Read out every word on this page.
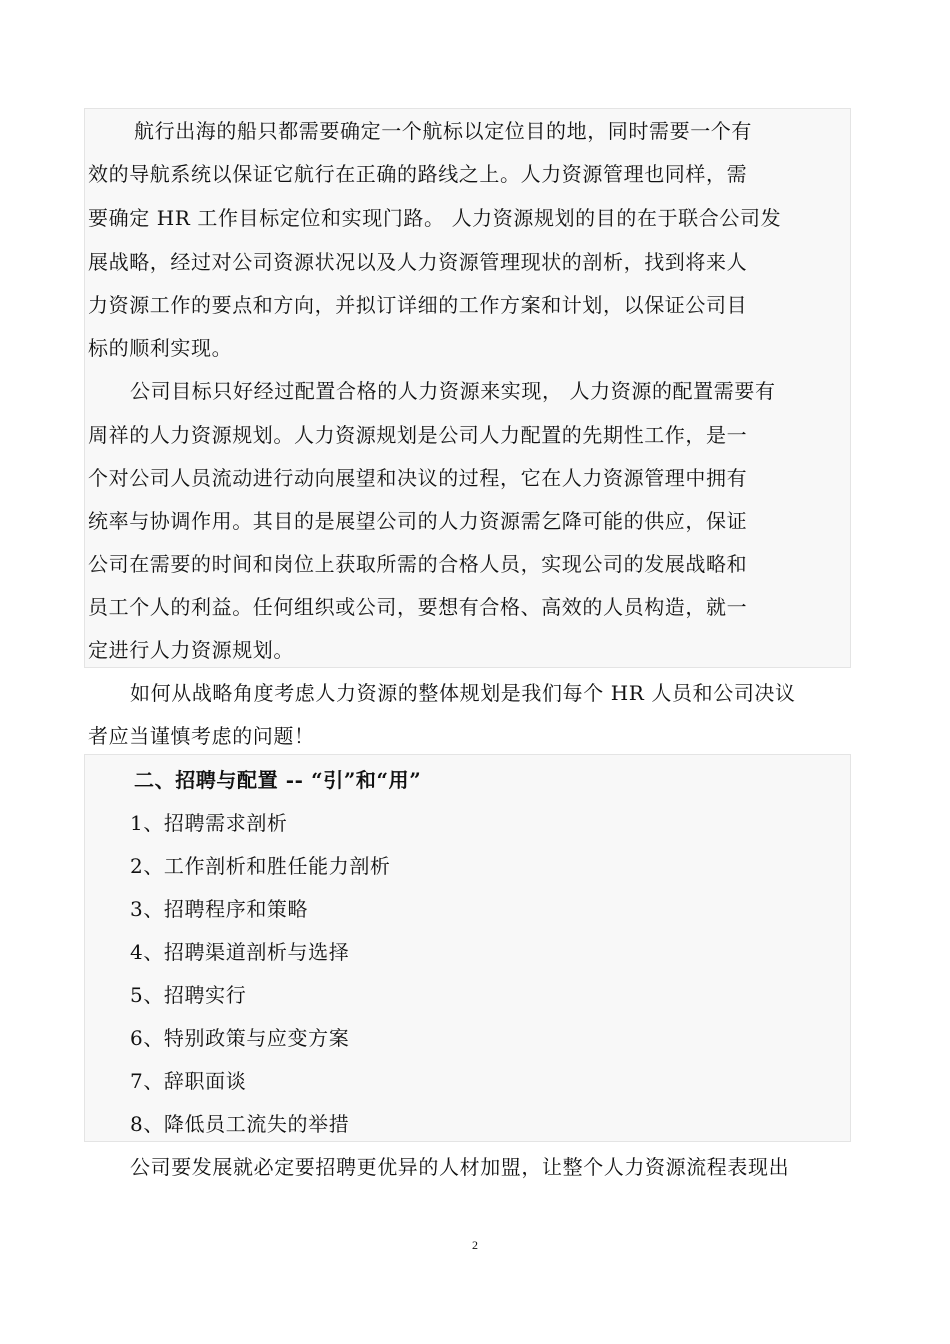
航行出海的船只都需要确定一个航标以定位目的地，同时需要一个有
效的导航系统以保证它航行在正确的路线之上。人力资源管理也同样，需
要确定 HR 工作目标定位和实现门路。 人力资源规划的目的在于联合公司发
展战略，经过对公司资源状况以及人力资源管理现状的剖析，找到将来人
力资源工作的要点和方向，并拟订详细的工作方案和计划，以保证公司目
标的顺利实现。
公司目标只好经过配置合格的人力资源来实现， 人力资源的配置需要有
周祥的人力资源规划。人力资源规划是公司人力配置的先期性工作，是一
个对公司人员流动进行动向展望和决议的过程，它在人力资源管理中拥有
统率与协调作用。其目的是展望公司的人力资源需乞降可能的供应，保证
公司在需要的时间和岗位上获取所需的合格人员，实现公司的发展战略和
员工个人的利益。任何组织或公司，要想有合格、高效的人员构造，就一
定进行人力资源规划。
如何从战略角度考虑人力资源的整体规划是我们每个 HR 人员和公司决议
者应当谨慎考虑的问题！
二、招聘与配置 -- “引”和“用”
1、招聘需求剖析
2、工作剖析和胜任能力剖析
3、招聘程序和策略
4、招聘渠道剖析与选择
5、招聘实行
6、特别政策与应变方案
7、辞职面谈
8、降低员工流失的举措
公司要发展就必定要招聘更优异的人材加盟，让整个人力资源流程表现出
2
